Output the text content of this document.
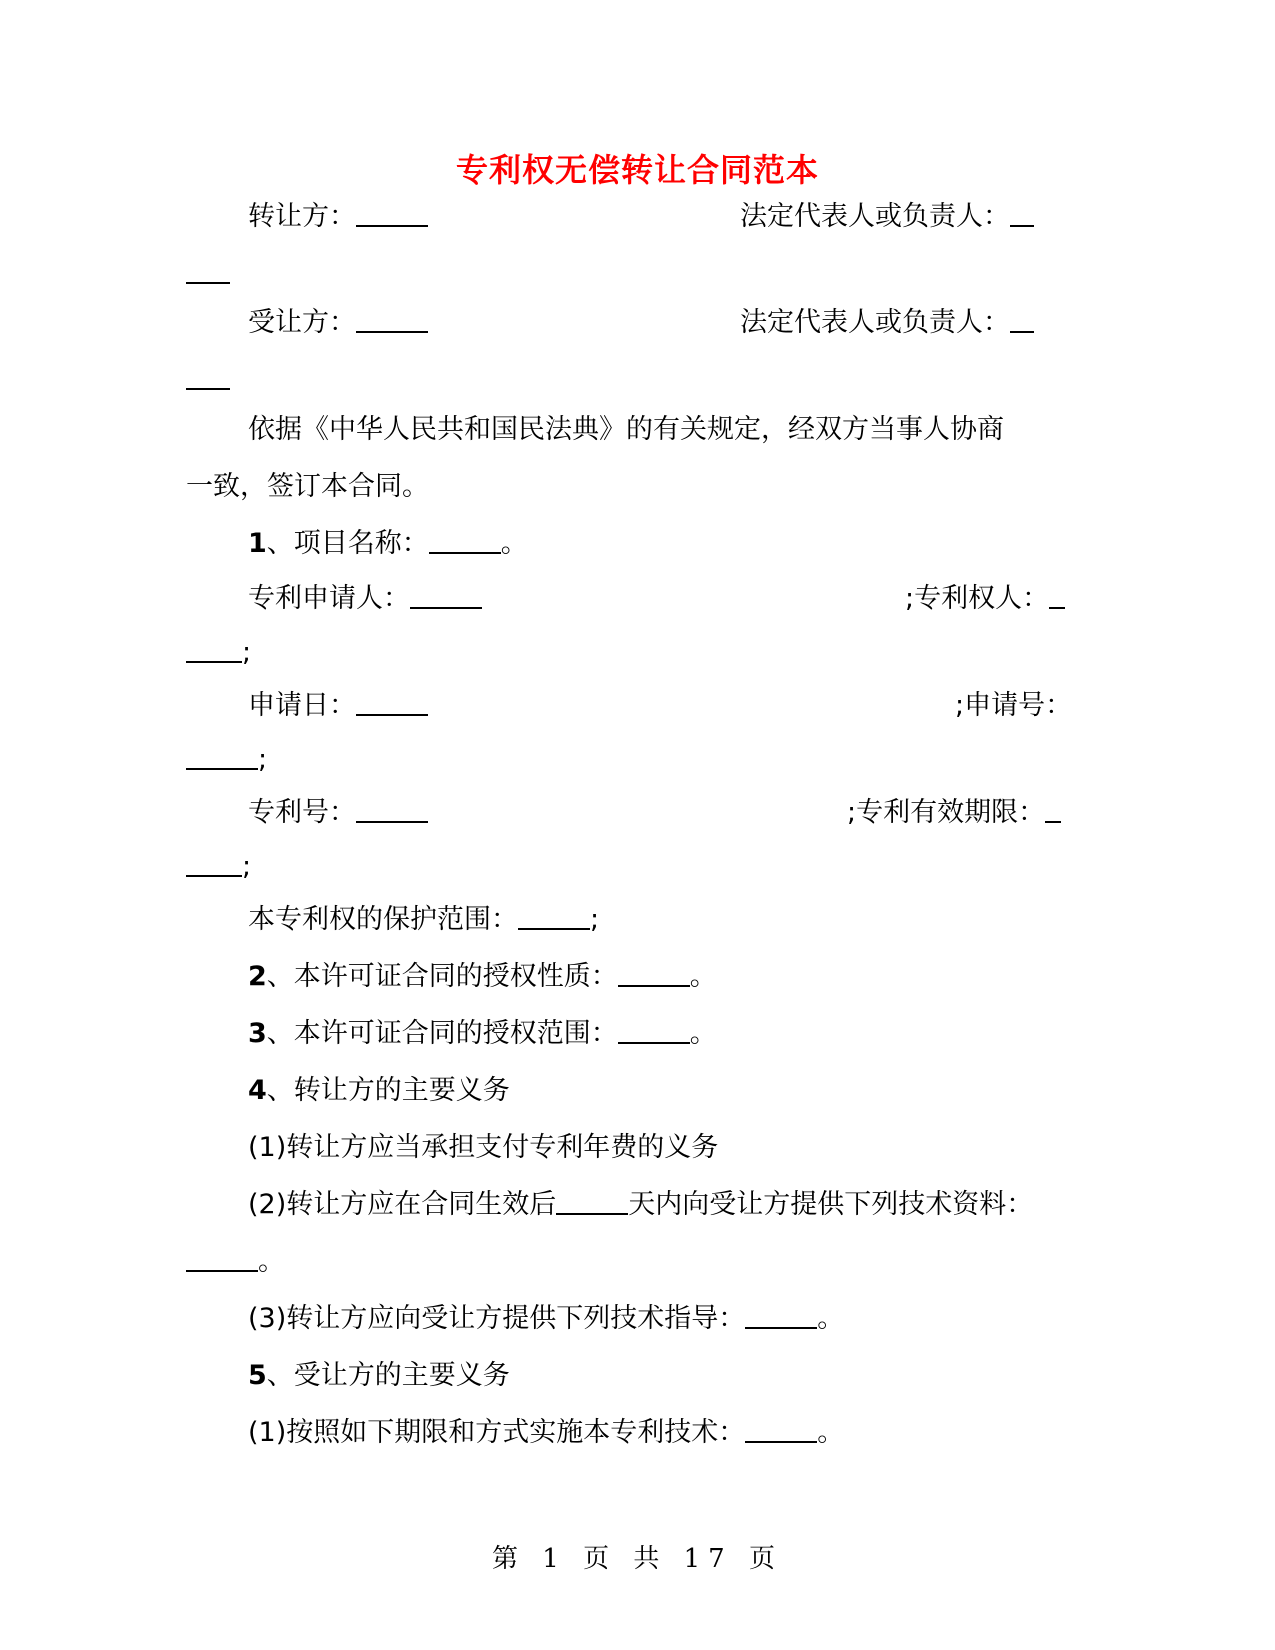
专利权无偿转让合同范本
转让方：	法定代表人或负责人：
受让方：	法定代表人或负责人：
依据《中华人民共和国民法典》的有关规定，经双方当事人协商
一致，签订本合同。
1、项目名称：	。
专利申请人：	;专利权人：
;
申请日：	;申请号：
;
专利号：	;专利有效期限：
;
本专利权的保护范围：	;
2、本许可证合同的授权性质：	。
3、本许可证合同的授权范围：	。
4、转让方的主要义务
(1)转让方应当承担支付专利年费的义务
(2)转让方应在合同生效后	天内向受让方提供下列技术资料：
。
(3)转让方应向受让方提供下列技术指导：	。
5、受让方的主要义务
(1)按照如下期限和方式实施本专利技术：	。
第 1 页 共 17 页
